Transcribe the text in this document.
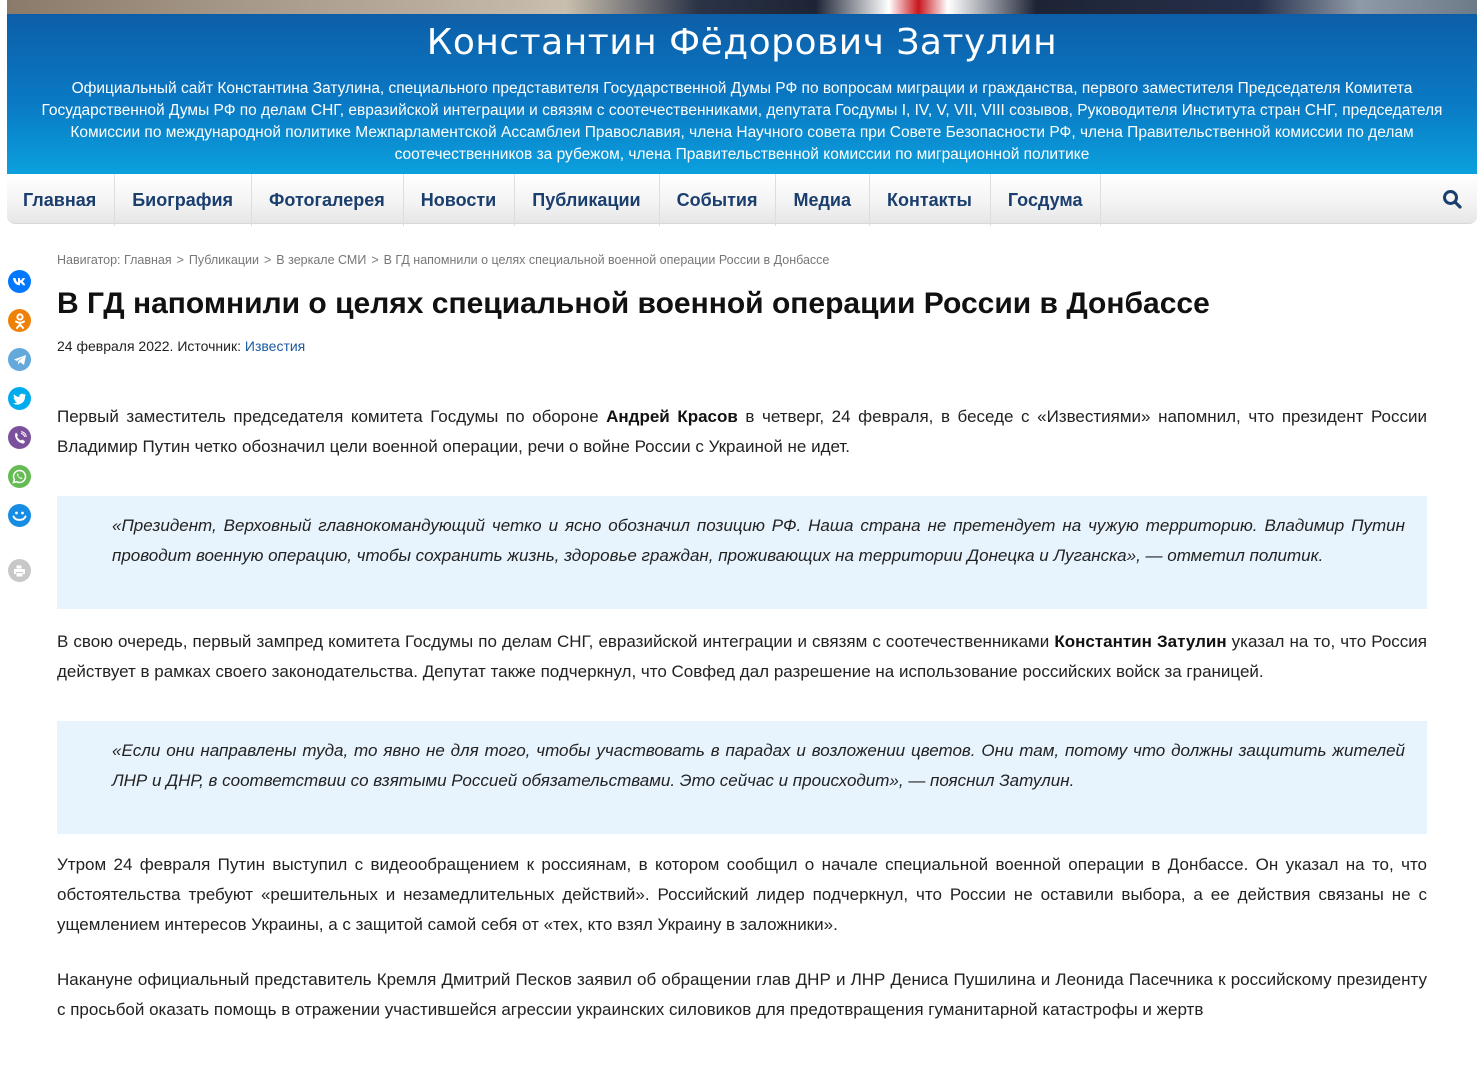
Константин Фёдорович Затулин

Официальный сайт Константина Затулина, специального представителя Государственной Думы РФ по вопросам миграции и гражданства, первого заместителя Председателя Комитета Государственной Думы РФ по делам СНГ, евразийской интеграции и связям с соотечественниками, депутата Госдумы I, IV, V, VII, VIII созывов, Руководителя Института стран СНГ, председателя Комиссии по международной политике Межпарламентской Ассамблеи Православия, члена Научного совета при Совете Безопасности РФ, члена Правительственной комиссии по делам соотечественников за рубежом, члена Правительственной комиссии по миграционной политике

Главная	Биография	Фотогалерея	Новости	Публикации	События	Медиа	Контакты	Госдума
Навигатор: Главная > Публикации > В зеркале СМИ > В ГД напомнили о целях специальной военной операции России в Донбассе
В ГД напомнили о целях специальной военной операции России в Донбассе
24 февраля 2022. Источник: Известия

Первый заместитель председателя комитета Госдумы по обороне Андрей Красов в четверг, 24 февраля, в беседе с «Известиями» напомнил, что президент России Владимир Путин четко обозначил цели военной операции, речи о войне России с Украиной не идет.

«Президент, Верховный главнокомандующий четко и ясно обозначил позицию РФ. Наша страна не претендует на чужую территорию. Владимир Путин проводит военную операцию, чтобы сохранить жизнь, здоровье граждан, проживающих на территории Донецка и Луганска», — отметил политик.

В свою очередь, первый зампред комитета Госдумы по делам СНГ, евразийской интеграции и связям с соотечественниками Константин Затулин указал на то, что Россия действует в рамках своего законодательства. Депутат также подчеркнул, что Совфед дал разрешение на использование российских войск за границей.

«Если они направлены туда, то явно не для того, чтобы участвовать в парадах и возложении цветов. Они там, потому что должны защитить жителей ЛНР и ДНР, в соответствии со взятыми Россией обязательствами. Это сейчас и происходит», — пояснил Затулин.

Утром 24 февраля Путин выступил с видеообращением к россиянам, в котором сообщил о начале специальной военной операции в Донбассе. Он указал на то, что обстоятельства требуют «решительных и незамедлительных действий». Российский лидер подчеркнул, что России не оставили выбора, а ее действия связаны не с ущемлением интересов Украины, а с защитой самой себя от «тех, кто взял Украину в заложники».

Накануне официальный представитель Кремля Дмитрий Песков заявил об обращении глав ДНР и ЛНР Дениса Пушилина и Леонида Пасечника к российскому президенту с просьбой оказать помощь в отражении участившейся агрессии украинских силовиков для предотвращения гуманитарной катастрофы и жертв
